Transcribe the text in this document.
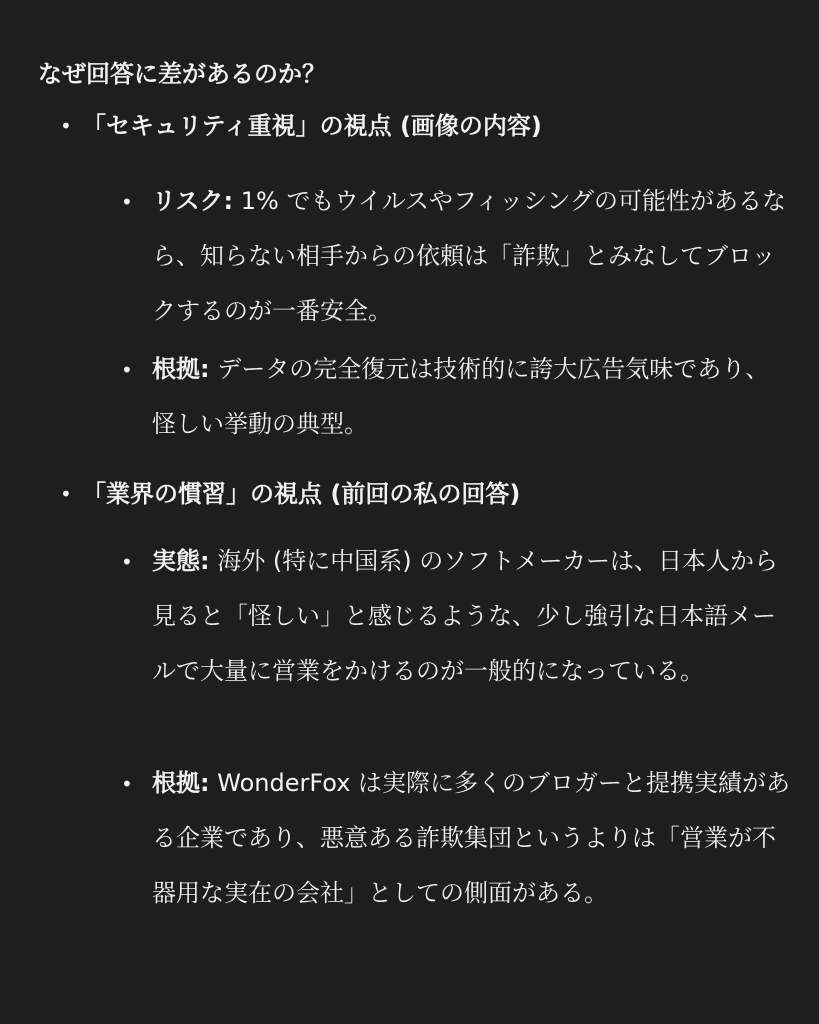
なぜ回答に差があるのか？
• 「セキュリティ重視」の視点 (画像の内容)
• リスク: 1% でもウイルスやフィッシングの可能性があるなら、知らない相手からの依頼は「詐欺」とみなしてブロックするのが一番安全。
• 根拠: データの完全復元は技術的に誇大広告気味であり、怪しい挙動の典型。
• 「業界の慣習」の視点 (前回の私の回答)
• 実態: 海外 (特に中国系) のソフトメーカーは、日本人から見ると「怪しい」と感じるような、少し強引な日本語メールで大量に営業をかけるのが一般的になっている。
• 根拠: WonderFox は実際に多くのブロガーと提携実績がある企業であり、悪意ある詐欺集団というよりは「営業が不器用な実在の会社」としての側面がある。
